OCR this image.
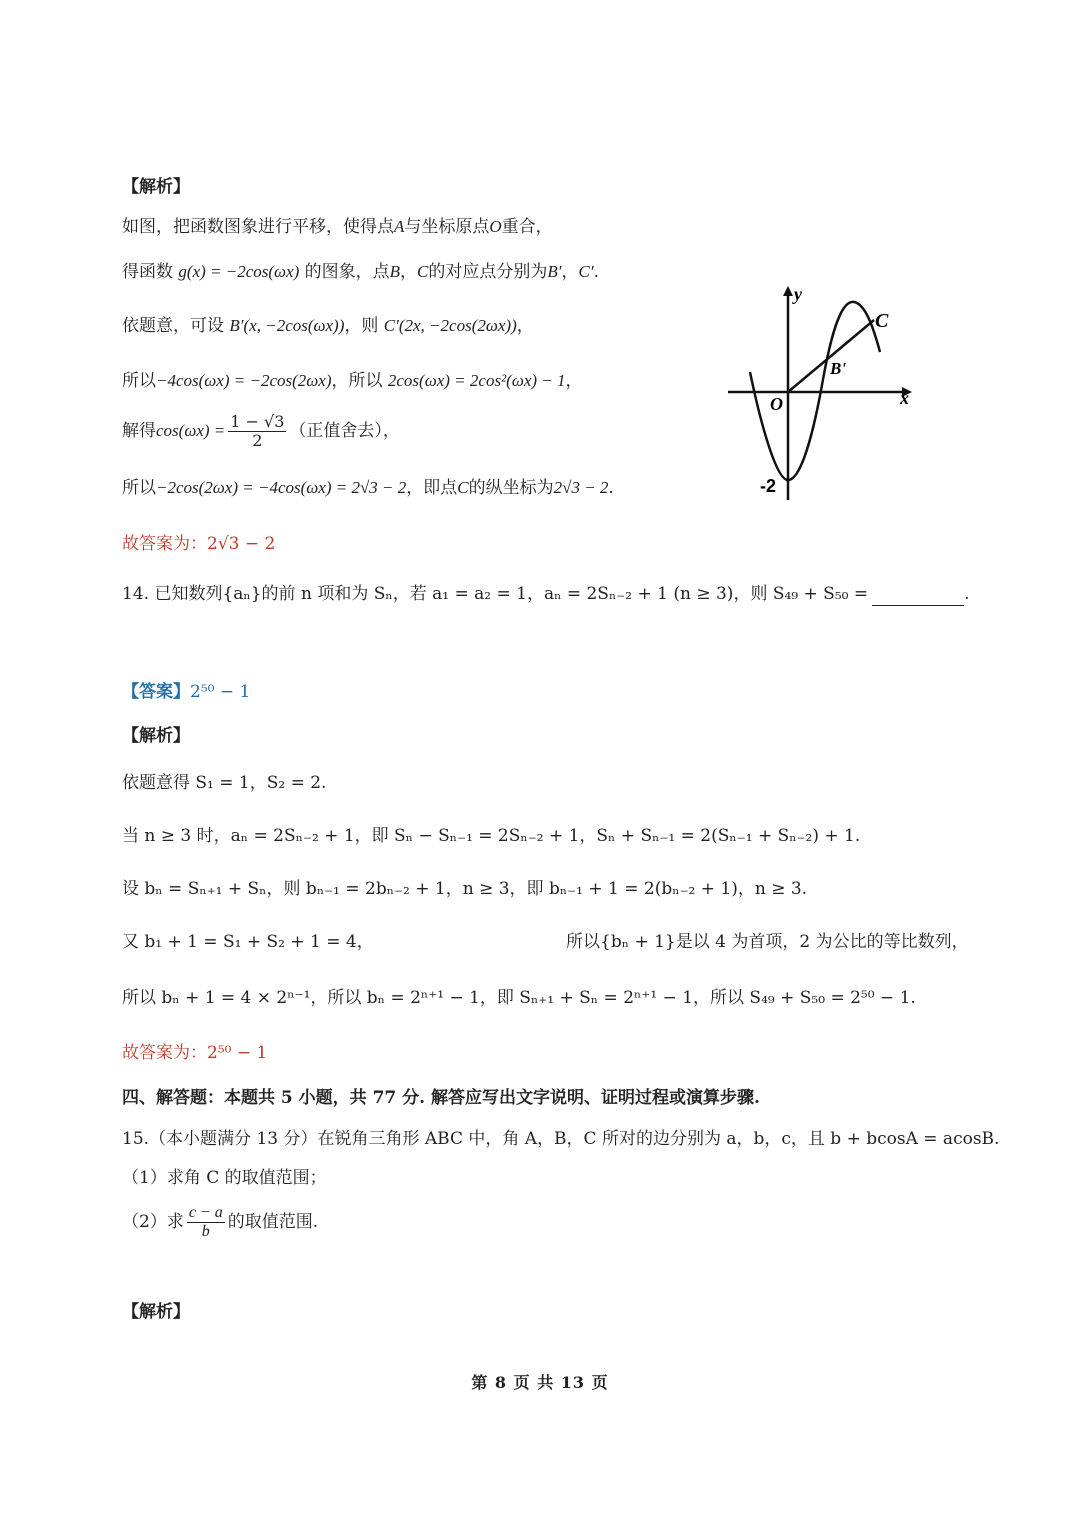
【解析】
如图，把函数图象进行平移，使得点A与坐标原点O重合，
得函数 g(x) = −2cos(ωx) 的图象，点B，C的对应点分别为B′，C′.
依题意，可设 B′(x, −2cos(ωx))，则 C′(2x, −2cos(2ωx))，
所以−4cos(ωx) = −2cos(2ωx)，所以 2cos(ωx) = 2cos²(ωx) − 1，
解得$\cos(\omega x) = \frac{1 - √3}{2}$ （正值舍去），
所以−2cos(2ωx) = −4cos(ωx) = 2√3 − 2，即点C的纵坐标为2√3 − 2.
故答案为：2√3 − 2
y
x
O
-2
B'
C
14. 已知数列{aₙ}的前 n 项和为 Sₙ，若 a₁ = a₂ = 1，aₙ = 2Sₙ₋₂ + 1 (n ≥ 3)，则 S₄₉ + S₅₀ =	.
【答案】2⁵⁰ − 1
【解析】
依题意得 S₁ = 1，S₂ = 2.
当 n ≥ 3 时，aₙ = 2Sₙ₋₂ + 1，即 Sₙ − Sₙ₋₁ = 2Sₙ₋₂ + 1，Sₙ + Sₙ₋₁ = 2(Sₙ₋₁ + Sₙ₋₂) + 1.
设 bₙ = Sₙ₊₁ + Sₙ，则 bₙ₋₁ = 2bₙ₋₂ + 1，n ≥ 3，即 bₙ₋₁ + 1 = 2(bₙ₋₂ + 1)，n ≥ 3.
又 b₁ + 1 = S₁ + S₂ + 1 = 4，	所以{bₙ + 1}是以 4 为首项，2 为公比的等比数列，
所以 bₙ + 1 = 4 × 2ⁿ⁻¹，所以 bₙ = 2ⁿ⁺¹ − 1，即 Sₙ₊₁ + Sₙ = 2ⁿ⁺¹ − 1，所以 S₄₉ + S₅₀ = 2⁵⁰ − 1.
故答案为：2⁵⁰ − 1
四、解答题：本题共 5 小题，共 77 分. 解答应写出文字说明、证明过程或演算步骤.
15.（本小题满分 13 分）在锐角三角形 ABC 中，角 A，B，C 所对的边分别为 a，b，c，且 b + bcosA = acosB.
（1）求角 C 的取值范围；
（2）求 $\frac{c - a}{b}$ 的取值范围.
【解析】
第 8 页 共 13 页
